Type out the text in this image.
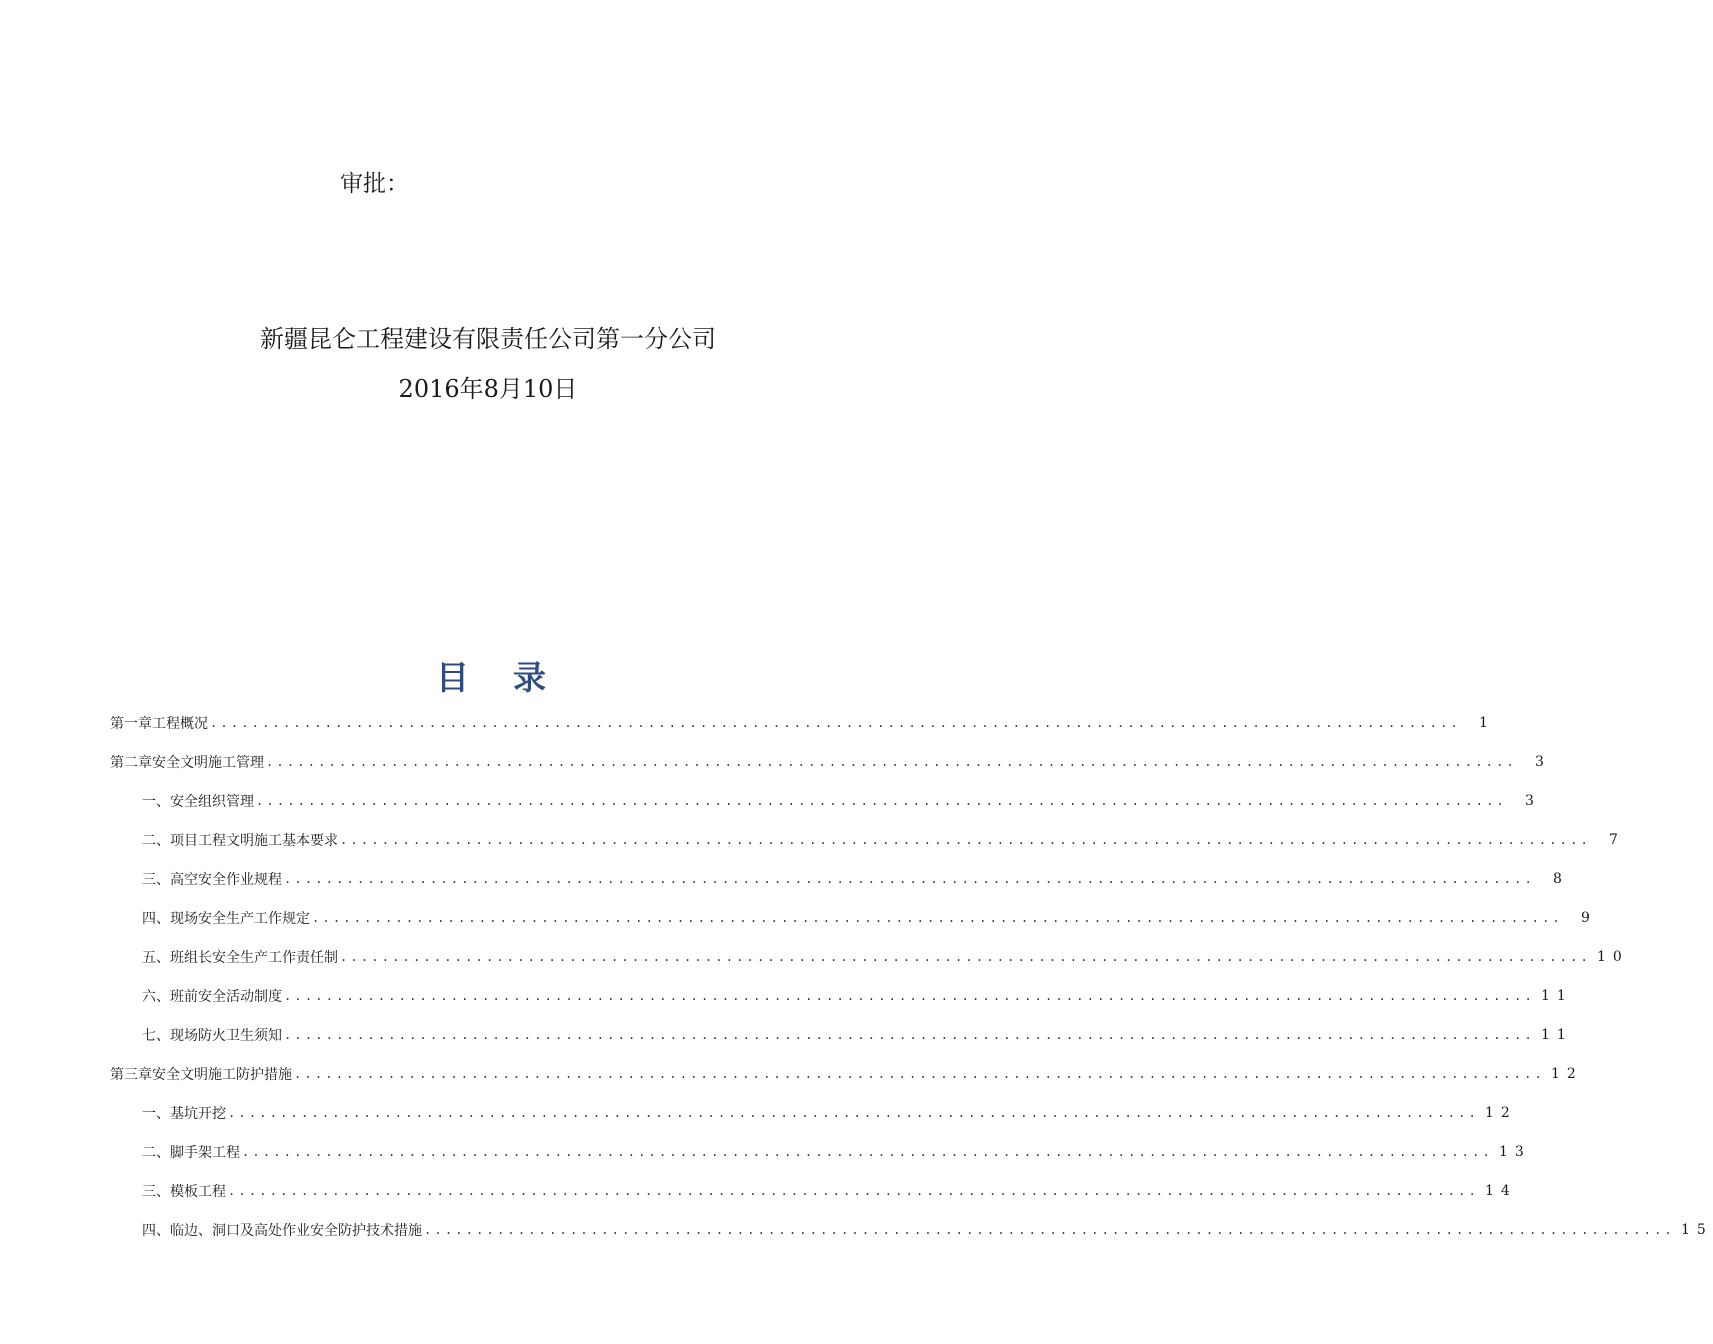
审批：
新疆昆仑工程建设有限责任公司第一分公司
2016年8月10日
目 录
第一章 工程概况 ........................................................................................................................	1
第二章 安全文明施工管理 ........................................................................................................................	3
一、安全组织管理 ........................................................................................................................	3
二、项目工程文明施工基本要求 ........................................................................................................................	7
三、高空安全作业规程 ........................................................................................................................	8
四、现场安全生产工作规定 ........................................................................................................................	9
五、班组长安全生产工作责任制 ........................................................................................................................ 10
六、班前安全活动制度 ........................................................................................................................ 11
七、现场防火卫生须知 ........................................................................................................................ 11
第三章 安全文明施工防护措施 ........................................................................................................................ 12
一、基坑开挖 ........................................................................................................................ 12
二、脚手架工程 ........................................................................................................................ 13
三、模板工程 ........................................................................................................................ 14
四、临边、洞口及高处作业安全防护技术措施 ........................................................................................................................ 15
